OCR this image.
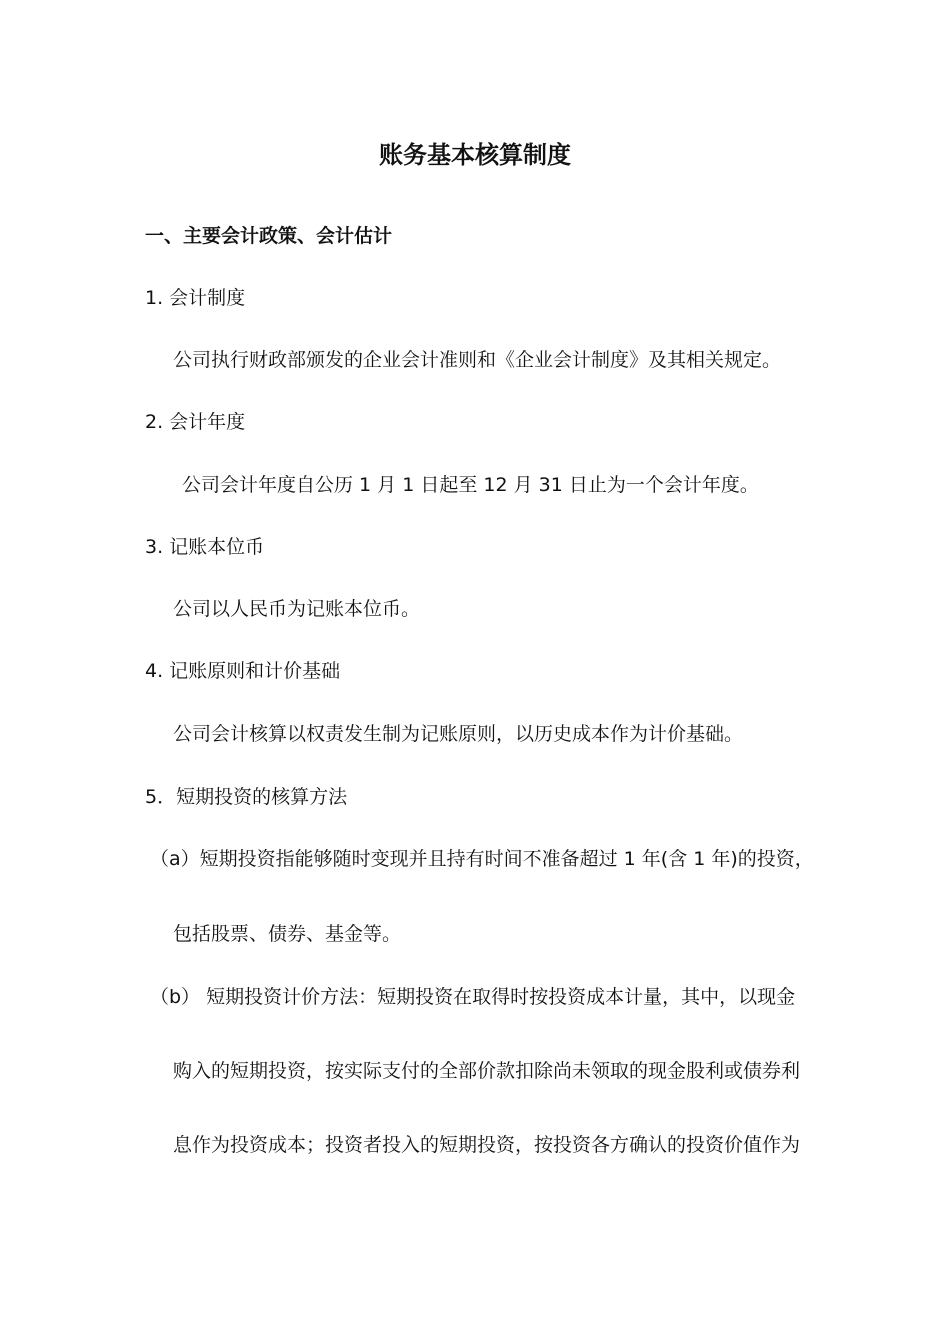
账务基本核算制度
一、主要会计政策、会计估计
1. 会计制度
公司执行财政部颁发的企业会计准则和《企业会计制度》及其相关规定。
2. 会计年度
公司会计年度自公历 1 月 1 日起至 12 月 31 日止为一个会计年度。
3. 记账本位币
公司以人民币为记账本位币。
4. 记账原则和计价基础
公司会计核算以权责发生制为记账原则，以历史成本作为计价基础。
5．短期投资的核算方法
（a）短期投资指能够随时变现并且持有时间不准备超过 1 年(含 1 年)的投资，
包括股票、债券、基金等。
（b） 短期投资计价方法：短期投资在取得时按投资成本计量，其中，以现金
购入的短期投资，按实际支付的全部价款扣除尚未领取的现金股利或债券利
息作为投资成本；投资者投入的短期投资，按投资各方确认的投资价值作为
